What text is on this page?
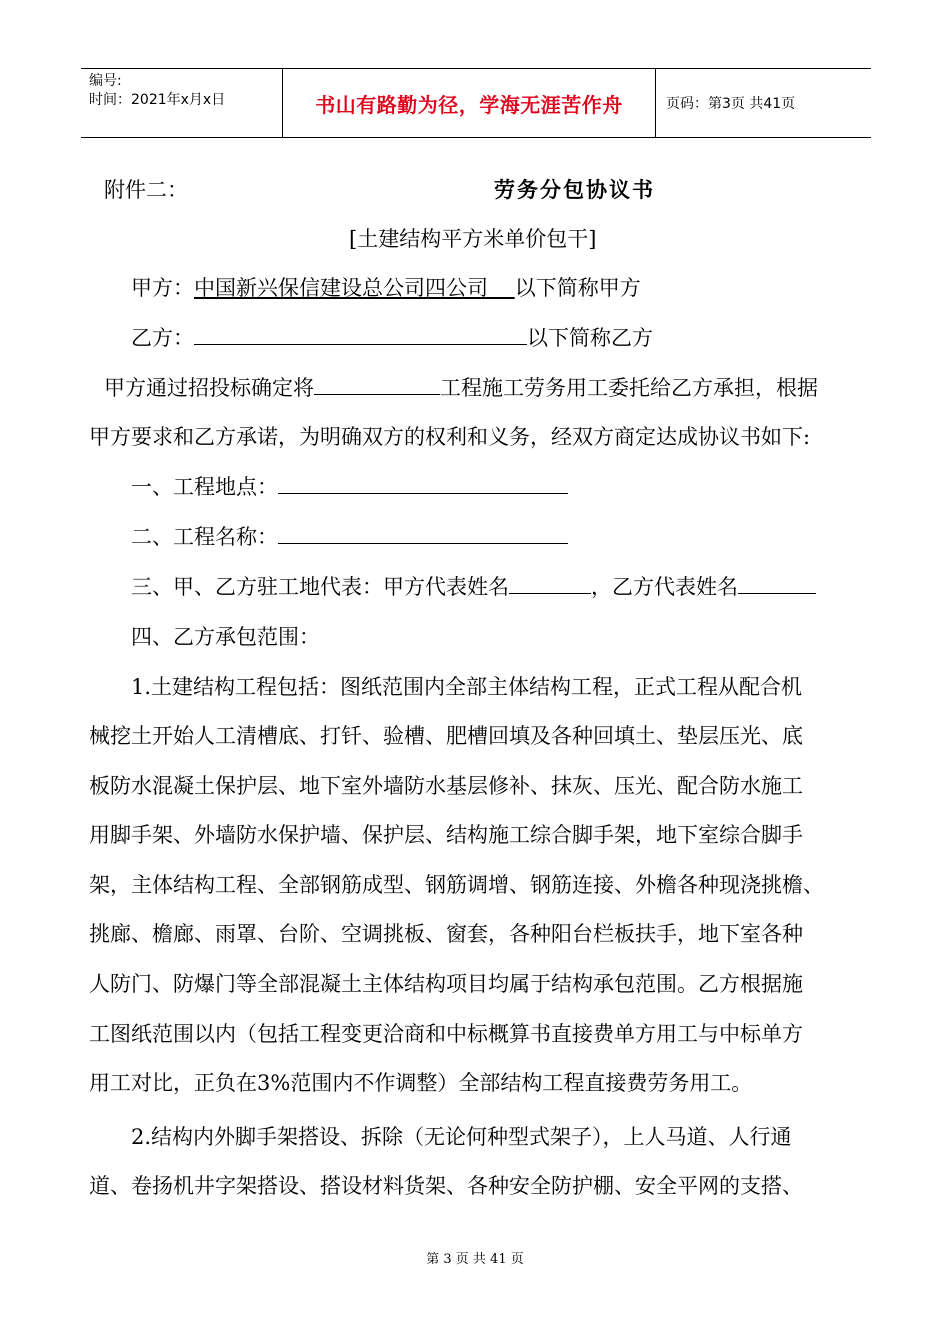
编号:
时间：2021年x月x日	书山有路勤为径，学海无涯苦作舟	页码：第3页 共41页
附件二：	劳务分包协议书
[土建结构平方米单价包干]
甲方：中国新兴保信建设总公司四公司 以下简称甲方
乙方：	以下简称乙方
甲方通过招投标确定将	工程施工劳务用工委托给乙方承担，根据
甲方要求和乙方承诺，为明确双方的权利和义务，经双方商定达成协议书如下:
一、工程地点：
二、工程名称：
三、甲、乙方驻工地代表：甲方代表姓名	，乙方代表姓名
四、乙方承包范围：
1.土建结构工程包括：图纸范围内全部主体结构工程，正式工程从配合机
械挖土开始人工清槽底、打钎、验槽、肥槽回填及各种回填土、垫层压光、底
板防水混凝土保护层、地下室外墙防水基层修补、抹灰、压光、配合防水施工
用脚手架、外墙防水保护墙、保护层、结构施工综合脚手架，地下室综合脚手
架，主体结构工程、全部钢筋成型、钢筋调增、钢筋连接、外檐各种现浇挑檐、
挑廊、檐廊、雨罩、台阶、空调挑板、窗套，各种阳台栏板扶手，地下室各种
人防门、防爆门等全部混凝土主体结构项目均属于结构承包范围。乙方根据施
工图纸范围以内（包括工程变更洽商和中标概算书直接费单方用工与中标单方
用工对比，正负在3%范围内不作调整）全部结构工程直接费劳务用工。
2.结构内外脚手架搭设、拆除（无论何种型式架子），上人马道、人行通
道、卷扬机井字架搭设、搭设材料货架、各种安全防护棚、安全平网的支搭、
第 3 页 共 41 页
